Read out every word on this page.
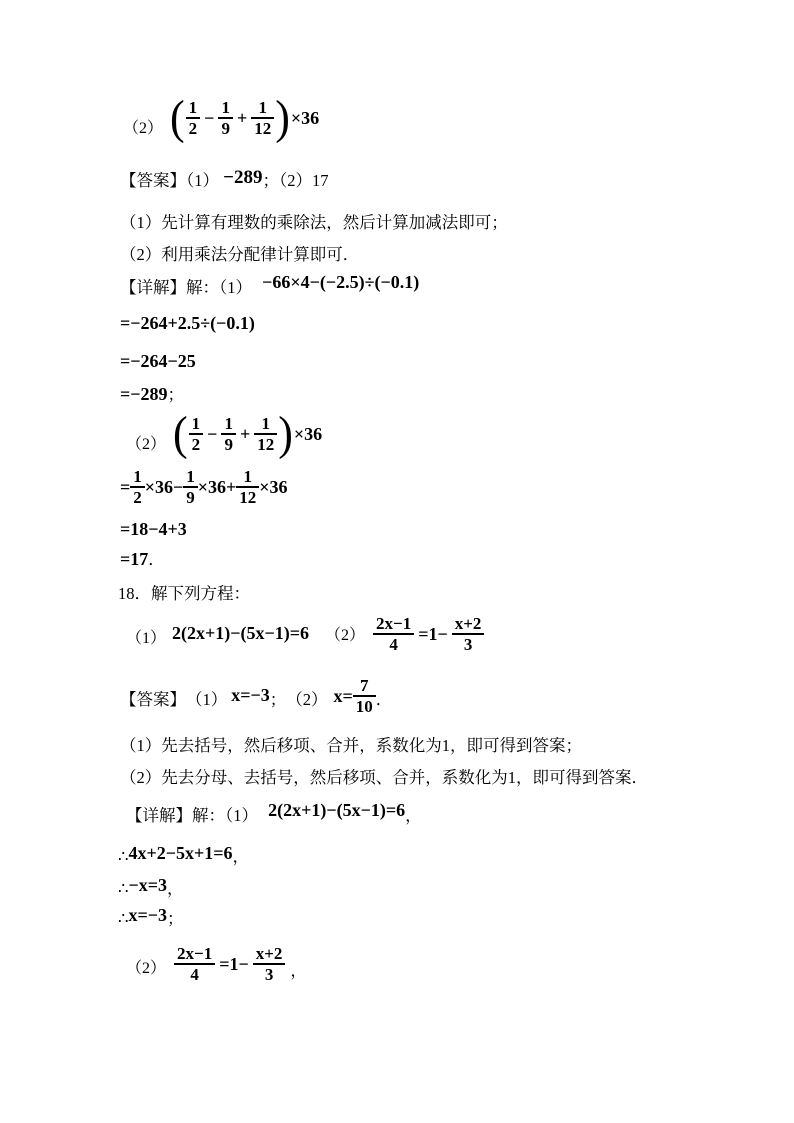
（2） ( $\frac{1}{2} - \frac{1}{9} + \frac{1}{12}$ ) ×36
【答案】（1） −289；（2）17
（1）先计算有理数的乘除法，然后计算加减法即可；
（2）利用乘法分配律计算即可．
【详解】解：（1） −66×4−(−2.5)÷(−0.1)
=−264+2.5÷(−0.1)
=−264−25
=−289；
（2） ( $\frac{1}{2} - \frac{1}{9} + \frac{1}{12}$ ) ×36
= $\frac{1}{2} \times 36- \frac{1}{9} \times 36+ \frac{1}{12} \times 36$
=18−4+3
=17．
18．解下列方程：
（1） 2(2x+1)−(5x−1)=6 $(2) \frac{2x-1}{4} =1- \frac{x+2}{3}$
【答案】 （1） x=−3 ； （2） $x= \frac{7}{10}$ ．
（1）先去括号，然后移项、合并，系数化为1，即可得到答案；
（2）先去分母、去括号，然后移项、合并，系数化为1，即可得到答案．
【详解】解：（1） 2(2x+1)−(5x−1)=6，
∴4x+2−5x+1=6，
∴−x=3，
∴x=−3；
$(2) \frac{2x-1}{4} =1- \frac{x+2}{3}$ ，
